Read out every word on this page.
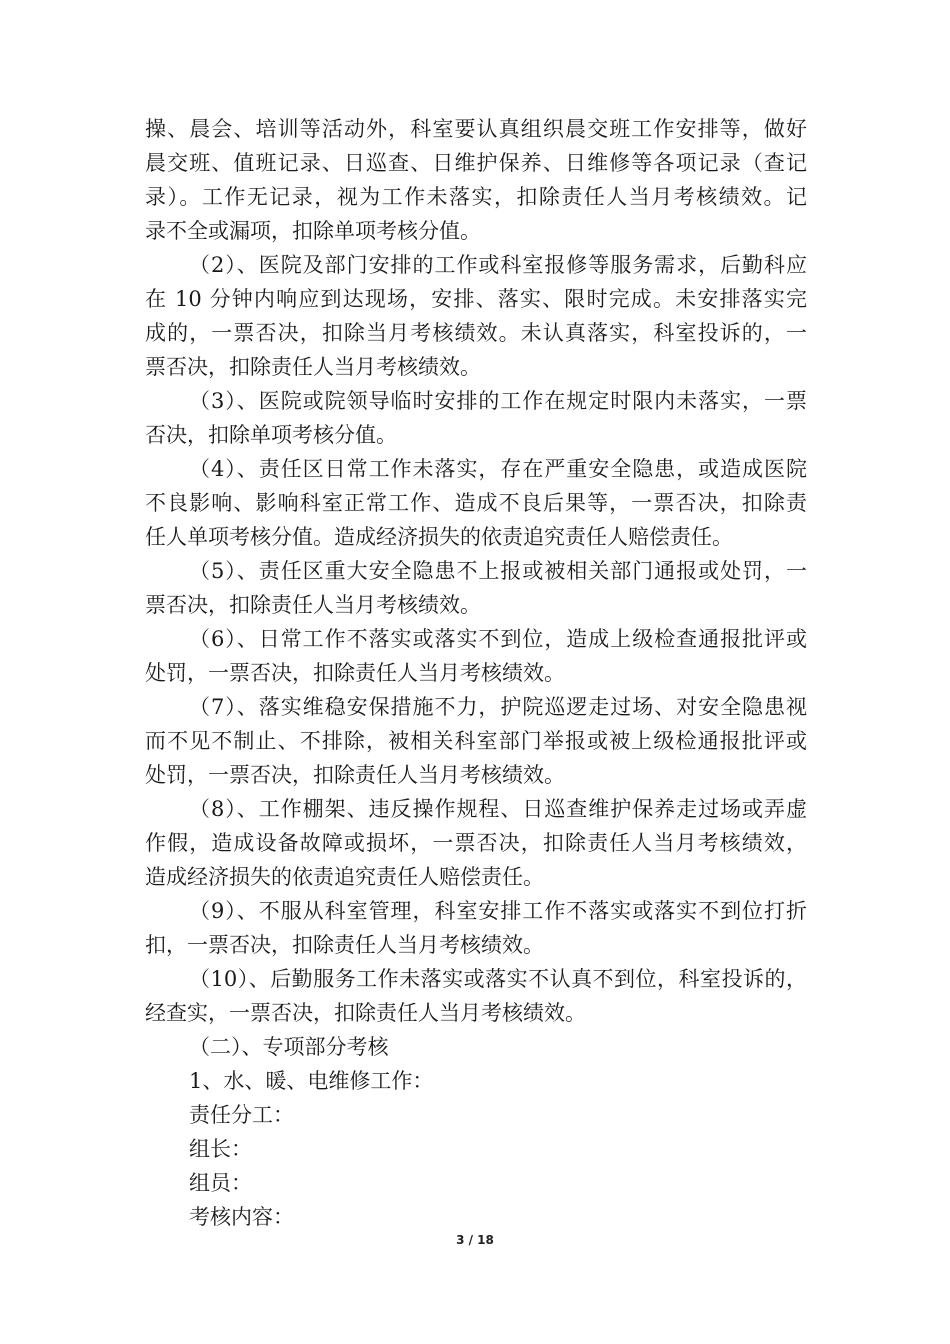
操、晨会、培训等活动外，科室要认真组织晨交班工作安排等，做好
晨交班、值班记录、日巡查、日维护保养、日维修等各项记录（查记
录）。工作无记录，视为工作未落实，扣除责任人当月考核绩效。记
录不全或漏项，扣除单项考核分值。
（2）、医院及部门安排的工作或科室报修等服务需求，后勤科应
在 10 分钟内响应到达现场，安排、落实、限时完成。未安排落实完
成的，一票否决，扣除当月考核绩效。未认真落实，科室投诉的，一
票否决，扣除责任人当月考核绩效。
（3）、医院或院领导临时安排的工作在规定时限内未落实，一票
否决，扣除单项考核分值。
（4）、责任区日常工作未落实，存在严重安全隐患，或造成医院
不良影响、影响科室正常工作、造成不良后果等，一票否决，扣除责
任人单项考核分值。造成经济损失的依责追究责任人赔偿责任。
（5）、责任区重大安全隐患不上报或被相关部门通报或处罚，一
票否决，扣除责任人当月考核绩效。
（6）、日常工作不落实或落实不到位，造成上级检查通报批评或
处罚，一票否决，扣除责任人当月考核绩效。
（7）、落实维稳安保措施不力，护院巡逻走过场、对安全隐患视
而不见不制止、不排除，被相关科室部门举报或被上级检通报批评或
处罚，一票否决，扣除责任人当月考核绩效。
（8）、工作棚架、违反操作规程、日巡查维护保养走过场或弄虚
作假，造成设备故障或损坏，一票否决，扣除责任人当月考核绩效，
造成经济损失的依责追究责任人赔偿责任。
（9）、不服从科室管理，科室安排工作不落实或落实不到位打折
扣，一票否决，扣除责任人当月考核绩效。
（10）、后勤服务工作未落实或落实不认真不到位，科室投诉的，
经查实，一票否决，扣除责任人当月考核绩效。
（二）、专项部分考核
1、水、暖、电维修工作：
责任分工：
组长：
组员：
考核内容：
3 / 18
